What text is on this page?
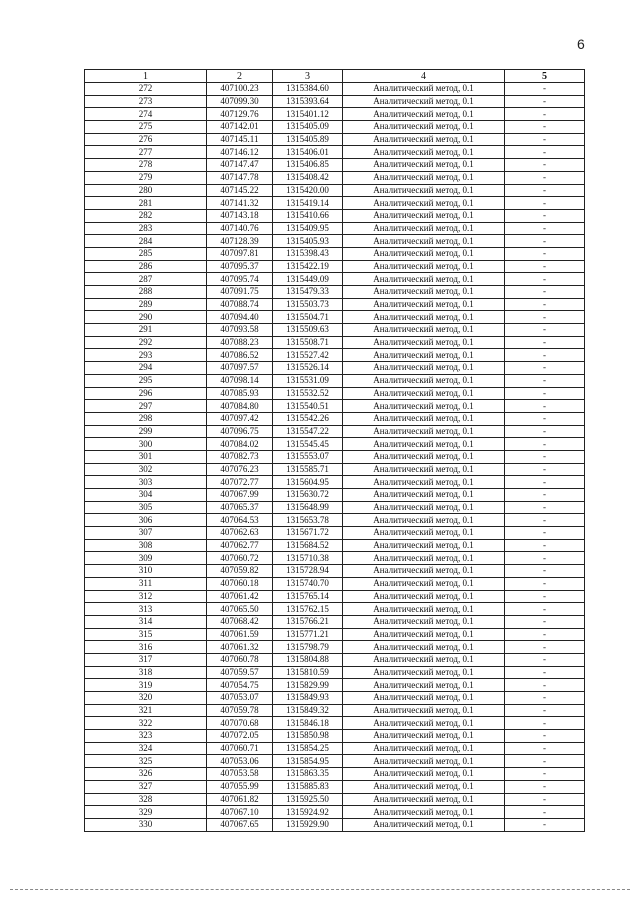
6
1	2	3	4	5
272	407100.23	1315384.60	Аналитический метод, 0.1	-
273	407099.30	1315393.64	Аналитический метод, 0.1	-
274	407129.76	1315401.12	Аналитический метод, 0.1	-
275	407142.01	1315405.09	Аналитический метод, 0.1	-
276	407145.11	1315405.89	Аналитический метод, 0.1	-
277	407146.12	1315406.01	Аналитический метод, 0.1	-
278	407147.47	1315406.85	Аналитический метод, 0.1	-
279	407147.78	1315408.42	Аналитический метод, 0.1	-
280	407145.22	1315420.00	Аналитический метод, 0.1	-
281	407141.32	1315419.14	Аналитический метод, 0.1	-
282	407143.18	1315410.66	Аналитический метод, 0.1	-
283	407140.76	1315409.95	Аналитический метод, 0.1	-
284	407128.39	1315405.93	Аналитический метод, 0.1	-
285	407097.81	1315398.43	Аналитический метод, 0.1	-
286	407095.37	1315422.19	Аналитический метод, 0.1	-
287	407095.74	1315449.09	Аналитический метод, 0.1	-
288	407091.75	1315479.33	Аналитический метод, 0.1	-
289	407088.74	1315503.73	Аналитический метод, 0.1	-
290	407094.40	1315504.71	Аналитический метод, 0.1	-
291	407093.58	1315509.63	Аналитический метод, 0.1	-
292	407088.23	1315508.71	Аналитический метод, 0.1	-
293	407086.52	1315527.42	Аналитический метод, 0.1	-
294	407097.57	1315526.14	Аналитический метод, 0.1	-
295	407098.14	1315531.09	Аналитический метод, 0.1	-
296	407085.93	1315532.52	Аналитический метод, 0.1	-
297	407084.80	1315540.51	Аналитический метод, 0.1	-
298	407097.42	1315542.26	Аналитический метод, 0.1	-
299	407096.75	1315547.22	Аналитический метод, 0.1	-
300	407084.02	1315545.45	Аналитический метод, 0.1	-
301	407082.73	1315553.07	Аналитический метод, 0.1	-
302	407076.23	1315585.71	Аналитический метод, 0.1	-
303	407072.77	1315604.95	Аналитический метод, 0.1	-
304	407067.99	1315630.72	Аналитический метод, 0.1	-
305	407065.37	1315648.99	Аналитический метод, 0.1	-
306	407064.53	1315653.78	Аналитический метод, 0.1	-
307	407062.63	1315671.72	Аналитический метод, 0.1	-
308	407062.77	1315684.52	Аналитический метод, 0.1	-
309	407060.72	1315710.38	Аналитический метод, 0.1	-
310	407059.82	1315728.94	Аналитический метод, 0.1	-
311	407060.18	1315740.70	Аналитический метод, 0.1	-
312	407061.42	1315765.14	Аналитический метод, 0.1	-
313	407065.50	1315762.15	Аналитический метод, 0.1	-
314	407068.42	1315766.21	Аналитический метод, 0.1	-
315	407061.59	1315771.21	Аналитический метод, 0.1	-
316	407061.32	1315798.79	Аналитический метод, 0.1	-
317	407060.78	1315804.88	Аналитический метод, 0.1	-
318	407059.57	1315810.59	Аналитический метод, 0.1	-
319	407054.75	1315829.99	Аналитический метод, 0.1	-
320	407053.07	1315849.93	Аналитический метод, 0.1	-
321	407059.78	1315849.32	Аналитический метод, 0.1	-
322	407070.68	1315846.18	Аналитический метод, 0.1	-
323	407072.05	1315850.98	Аналитический метод, 0.1	-
324	407060.71	1315854.25	Аналитический метод, 0.1	-
325	407053.06	1315854.95	Аналитический метод, 0.1	-
326	407053.58	1315863.35	Аналитический метод, 0.1	-
327	407055.99	1315885.83	Аналитический метод, 0.1	-
328	407061.82	1315925.50	Аналитический метод, 0.1	-
329	407067.10	1315924.92	Аналитический метод, 0.1	-
330	407067.65	1315929.90	Аналитический метод, 0.1	-
